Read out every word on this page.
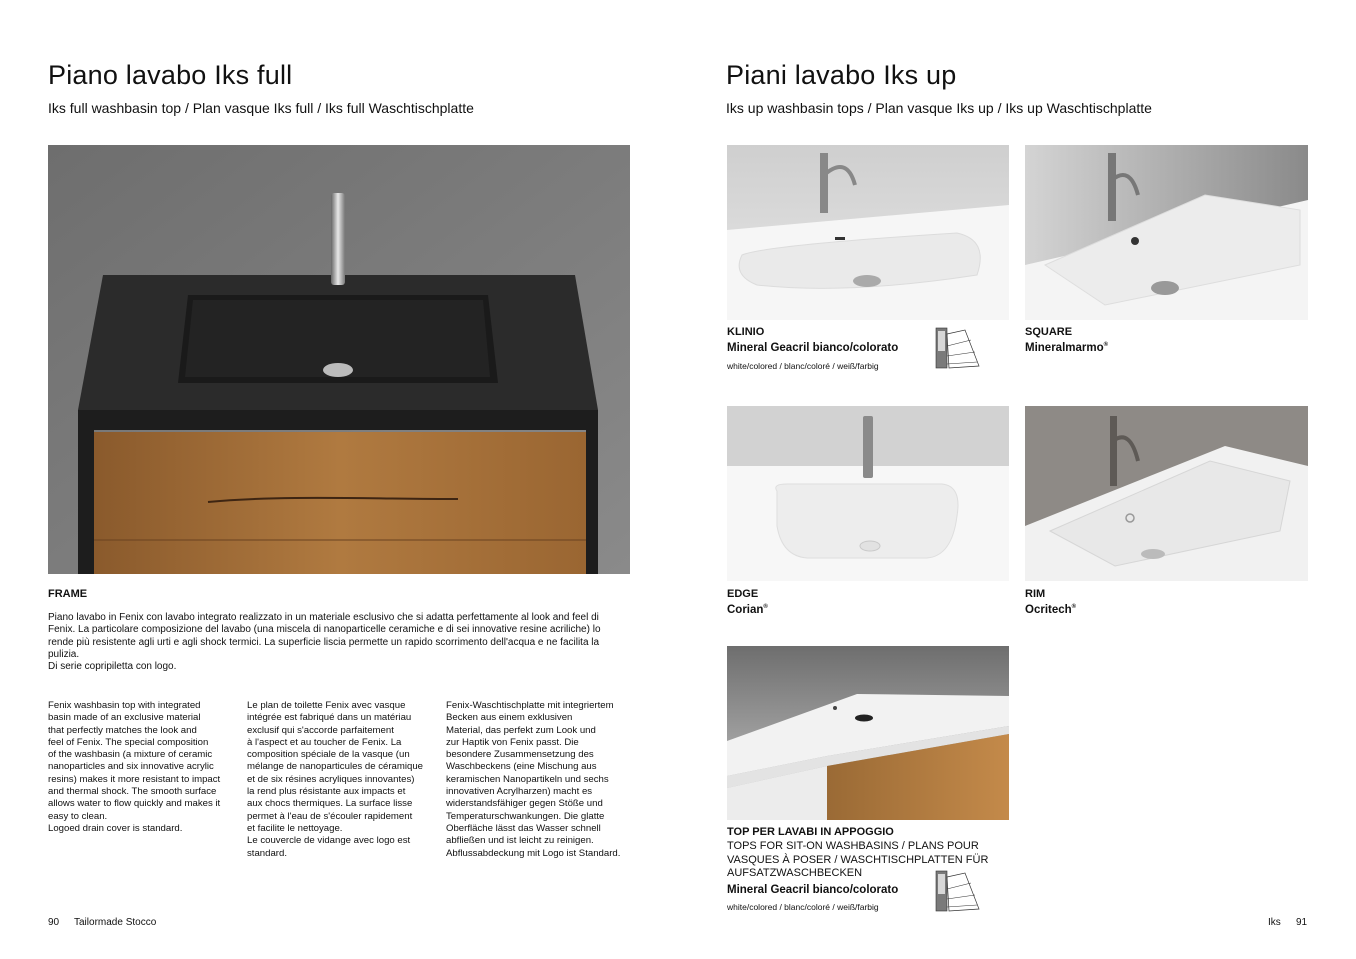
Piano lavabo Iks full
Iks full washbasin top / Plan vasque Iks full / Iks full Waschtischplatte
FRAME
Piano lavabo in Fenix con lavabo integrato realizzato in un materiale esclusivo che si adatta perfettamente al look and feel di Fenix. La particolare composizione del lavabo (una miscela di nanoparticelle ceramiche e di sei innovative resine acriliche) lo rende più resistente agli urti e agli shock termici. La superficie liscia permette un rapido scorrimento dell'acqua e ne facilita la pulizia.
Di serie copripiletta con logo.
Fenix washbasin top with integrated
basin made of an exclusive material
that perfectly matches the look and
feel of Fenix. The special composition
of the washbasin (a mixture of ceramic
nanoparticles and six innovative acrylic
resins) makes it more resistant to impact
and thermal shock. The smooth surface
allows water to flow quickly and makes it
easy to clean.
Logoed drain cover is standard.
Le plan de toilette Fenix avec vasque
intégrée est fabriqué dans un matériau
exclusif qui s'accorde parfaitement
à l'aspect et au toucher de Fenix. La
composition spéciale de la vasque (un
mélange de nanoparticules de céramique
et de six résines acryliques innovantes)
la rend plus résistante aux impacts et
aux chocs thermiques. La surface lisse
permet à l'eau de s'écouler rapidement
et facilite le nettoyage.
Le couvercle de vidange avec logo est
standard.
Fenix-Waschtischplatte mit integriertem
Becken aus einem exklusiven
Material, das perfekt zum Look und
zur Haptik von Fenix passt. Die
besondere Zusammensetzung des
Waschbeckens (eine Mischung aus
keramischen Nanopartikeln und sechs
innovativen Acrylharzen) macht es
widerstandsfähiger gegen Stöße und
Temperaturschwankungen. Die glatte
Oberfläche lässt das Wasser schnell
abfließen und ist leicht zu reinigen.
Abflussabdeckung mit Logo ist Standard.
90 Tailormade Stocco
Piani lavabo Iks up
Iks up washbasin tops / Plan vasque Iks up / Iks up Waschtischplatte
KLINIO
Mineral Geacril bianco/colorato
white/colored / blanc/coloré / weiß/farbig
SQUARE
Mineralmarmo®
EDGE
Corian®
RIM
Ocritech®
TOP PER LAVABI IN APPOGGIO
TOPS FOR SIT-ON WASHBASINS / PLANS POUR
VASQUES À POSER / WASCHTISCHPLATTEN FÜR
AUFSATZWASCHBECKEN
Mineral Geacril bianco/colorato
white/colored / blanc/coloré / weiß/farbig
Iks 91
